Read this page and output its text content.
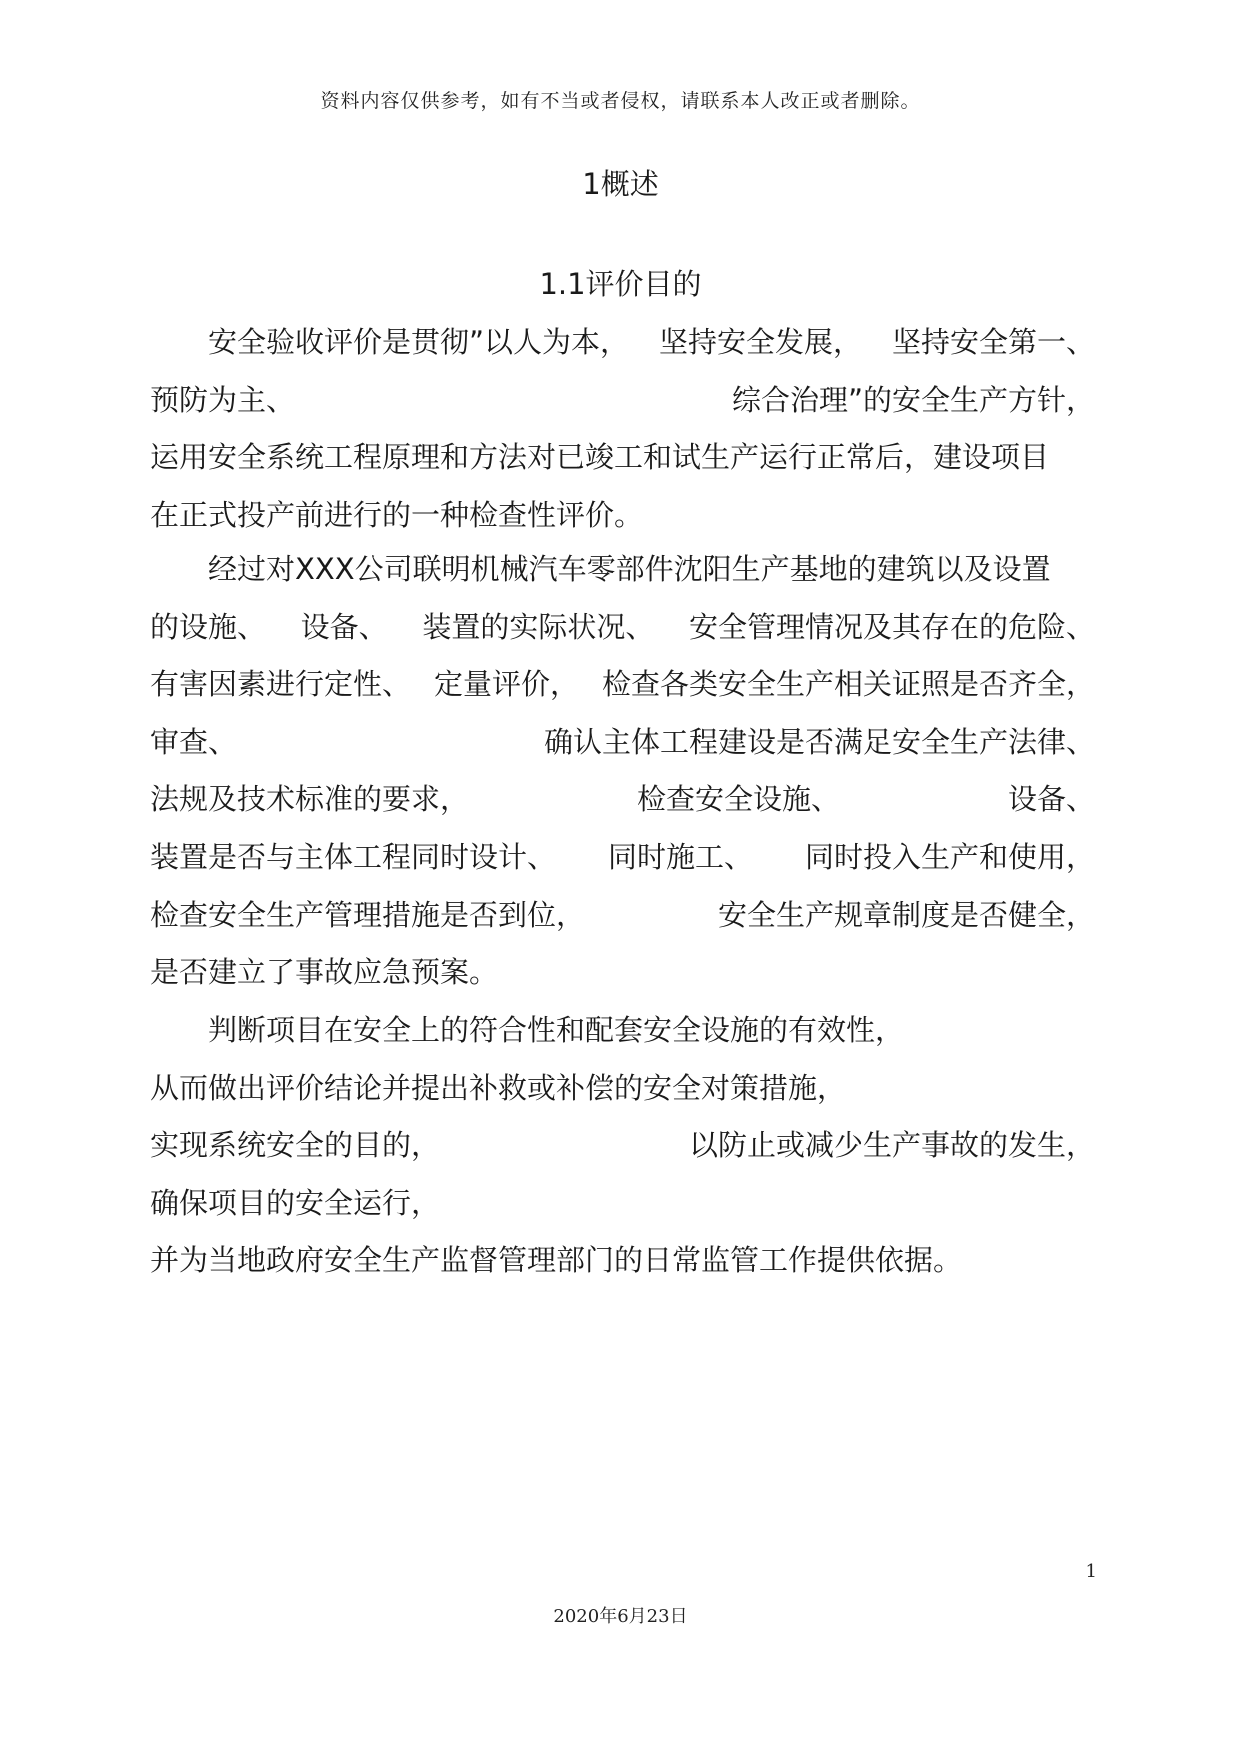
资料内容仅供参考，如有不当或者侵权，请联系本人改正或者删除。
1概述
1.1评价目的
安全验收评价是贯彻”以人为本， 坚持安全发展， 坚持安全第一、
预防为主、	综合治理”的安全生产方针，
运用安全系统工程原理和方法对已竣工和试生产运行正常后，建设项目
在正式投产前进行的一种检查性评价。
经过对XXX公司联明机械汽车零部件沈阳生产基地的建筑以及设置
的设施、 设备、 装置的实际状况、 安全管理情况及其存在的危险、
有害因素进行定性、 定量评价， 检查各类安全生产相关证照是否齐全，
审查、	确认主体工程建设是否满足安全生产法律、
法规及技术标准的要求，	检查安全设施、	设备、
装置是否与主体工程同时设计、 同时施工、 同时投入生产和使用，
检查安全生产管理措施是否到位，	安全生产规章制度是否健全，
是否建立了事故应急预案。
判断项目在安全上的符合性和配套安全设施的有效性，
从而做出评价结论并提出补救或补偿的安全对策措施，
实现系统安全的目的，	以防止或减少生产事故的发生，
确保项目的安全运行，
并为当地政府安全生产监督管理部门的日常监管工作提供依据。
1
2020年6月23日
